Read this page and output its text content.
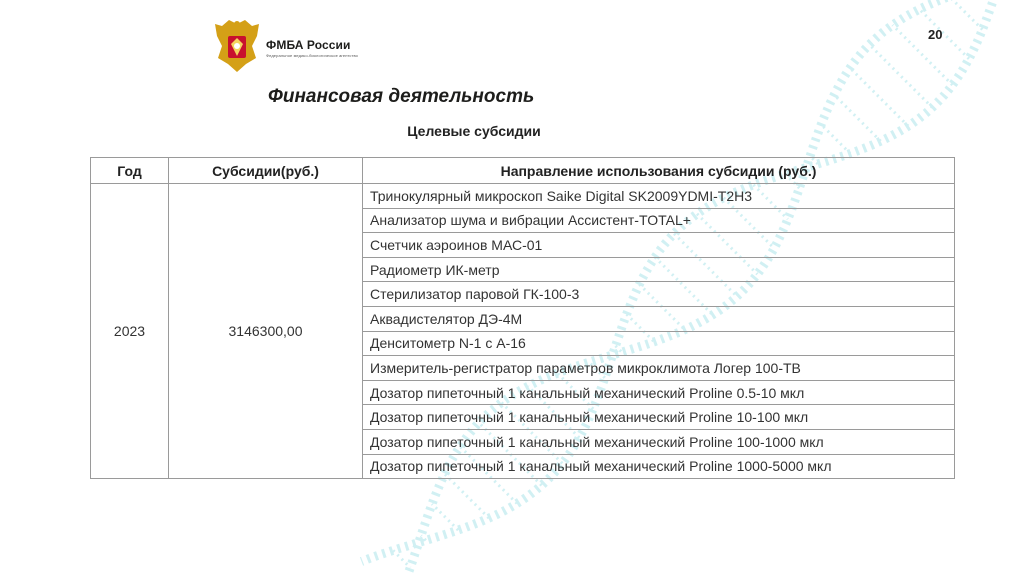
ФМБА России
Федеральное медико-биологическое агентство
20
Финансовая деятельность
Целевые субсидии
Год	Субсидии(руб.)	Направление использования субсидии (руб.)
2023	3146300,00	Тринокулярный микроскоп Saike Digital SK2009YDMI-T2H3
		Анализатор шума и вибрации Ассистент-TOTAL+
		Счетчик аэроинов МАС-01
		Радиометр ИК-метр
		Стерилизатор паровой ГК-100-3
		Аквадистелятор ДЭ-4М
		Денситометр N-1 с А-16
		Измеритель-регистратор параметров микроклимота Логер 100-ТВ
		Дозатор пипеточный 1 канальный механический Proline 0.5-10 мкл
		Дозатор пипеточный 1 канальный механический Proline 10-100 мкл
		Дозатор пипеточный 1 канальный механический Proline 100-1000 мкл
		Дозатор пипеточный 1 канальный механический Proline 1000-5000 мкл
